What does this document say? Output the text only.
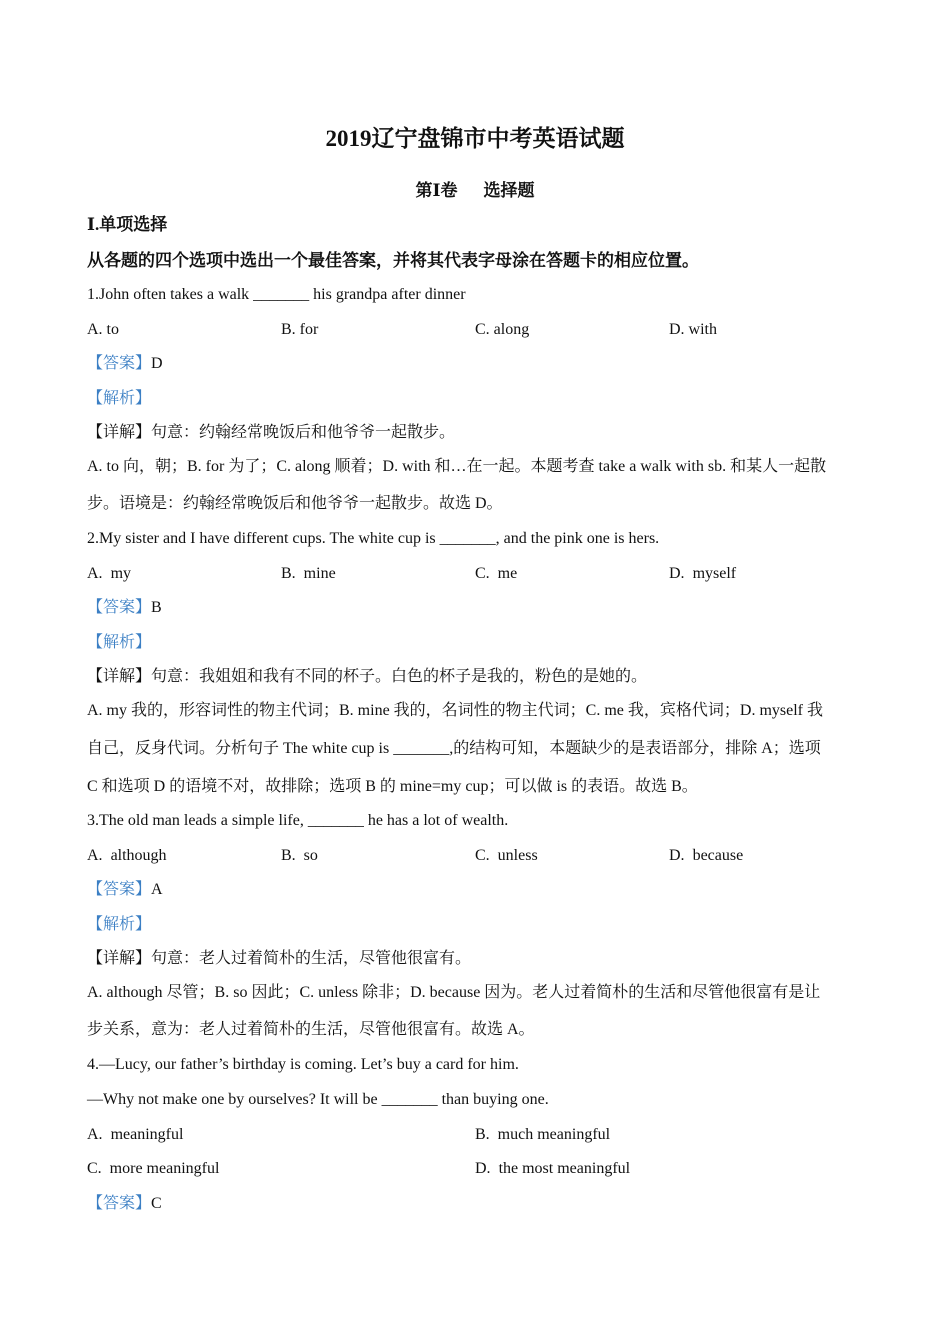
2019辽宁盘锦市中考英语试题
第Ⅰ卷 选择题
Ⅰ.单项选择
从各题的四个选项中选出一个最佳答案，并将其代表字母涂在答题卡的相应位置。
1.John often takes a walk _______ his grandpa after dinner
A. to	B. for	C. along	D. with
【答案】D
【解析】
【详解】句意：约翰经常晚饭后和他爷爷一起散步。
A. to 向，朝；B. for 为了；C. along 顺着；D. with 和…在一起。本题考查 take a walk with sb. 和某人一起散
步。语境是：约翰经常晚饭后和他爷爷一起散步。故选 D。
2.My sister and I have different cups. The white cup is _______, and the pink one is hers.
A. my	B. mine	C. me	D. myself
【答案】B
【解析】
【详解】句意：我姐姐和我有不同的杯子。白色的杯子是我的，粉色的是她的。
A. my 我的，形容词性的物主代词；B. mine 我的，名词性的物主代词；C. me 我，宾格代词；D. myself 我
自己，反身代词。分析句子 The white cup is _______,的结构可知，本题缺少的是表语部分，排除 A；选项
C 和选项 D 的语境不对，故排除；选项 B 的 mine=my cup；可以做 is 的表语。故选 B。
3.The old man leads a simple life, _______ he has a lot of wealth.
A. although	B. so	C. unless	D. because
【答案】A
【解析】
【详解】句意：老人过着简朴的生活，尽管他很富有。
A. although 尽管；B. so 因此；C. unless 除非；D. because 因为。老人过着简朴的生活和尽管他很富有是让
步关系，意为：老人过着简朴的生活，尽管他很富有。故选 A。
4.—Lucy, our father’s birthday is coming. Let’s buy a card for him.
—Why not make one by ourselves? It will be _______ than buying one.
A. meaningful	B. much meaningful
C. more meaningful	D. the most meaningful
【答案】C
